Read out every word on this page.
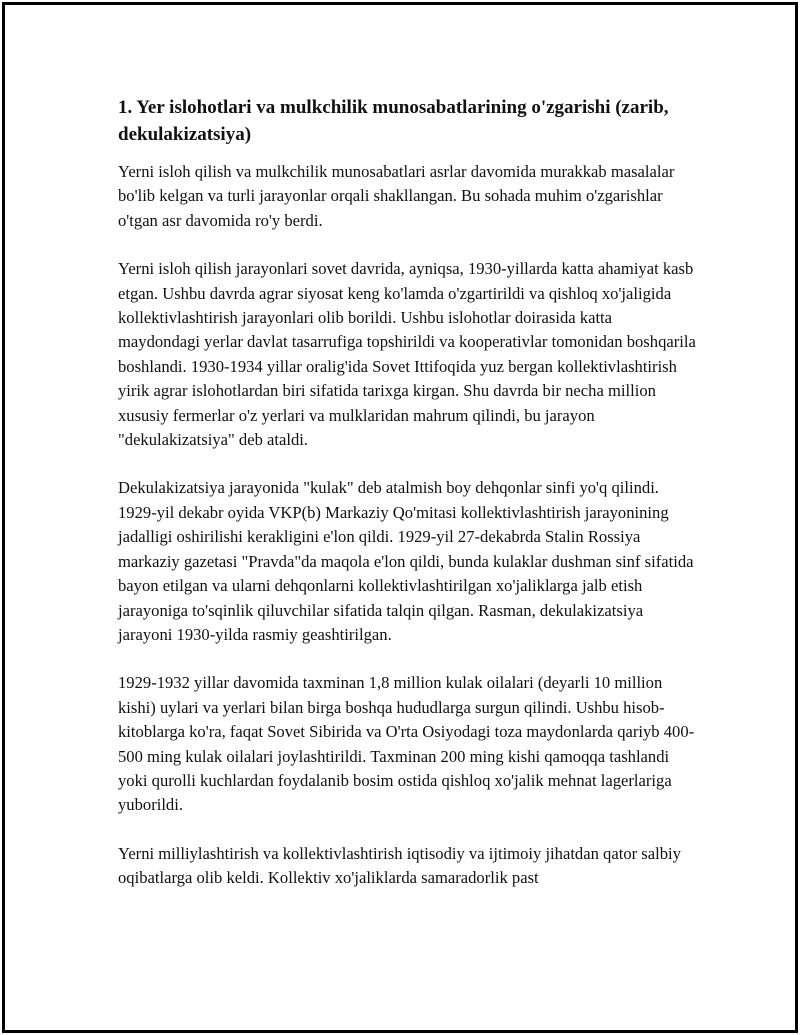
1. Yer islohotlari va mulkchilik munosabatlarining o'zgarishi (zarib, dekulakizatsiya)

Yerni isloh qilish va mulkchilik munosabatlari asrlar davomida murakkab masalalar bo'lib kelgan va turli jarayonlar orqali shakllangan. Bu sohada muhim o'zgarishlar o'tgan asr davomida ro'y berdi.

Yerni isloh qilish jarayonlari sovet davrida, ayniqsa, 1930-yillarda katta ahamiyat kasb etgan. Ushbu davrda agrar siyosat keng ko'lamda o'zgartirildi va qishloq xo'jaligida kollektivlashtirish jarayonlari olib borildi. Ushbu islohotlar doirasida katta maydondagi yerlar davlat tasarrufiga topshirildi va kooperativlar tomonidan boshqarila boshlandi. 1930-1934 yillar oralig'ida Sovet Ittifoqida yuz bergan kollektivlashtirish yirik agrar islohotlardan biri sifatida tarixga kirgan. Shu davrda bir necha million xususiy fermerlar o'z yerlari va mulklaridan mahrum qilindi, bu jarayon "dekulakizatsiya" deb ataldi.

Dekulakizatsiya jarayonida "kulak" deb atalmish boy dehqonlar sinfi yo'q qilindi. 1929-yil dekabr oyida VKP(b) Markaziy Qo'mitasi kollektivlashtirish jarayonining jadalligi oshirilishi kerakligini e'lon qildi. 1929-yil 27-dekabrda Stalin Rossiya markaziy gazetasi "Pravda"da maqola e'lon qildi, bunda kulaklar dushman sinf sifatida bayon etilgan va ularni dehqonlarni kollektivlashtirilgan xo'jaliklarga jalb etish jarayoniga to'sqinlik qiluvchilar sifatida talqin qilgan. Rasman, dekulakizatsiya jarayoni 1930-yilda rasmiy geashtirilgan.

1929-1932 yillar davomida taxminan 1,8 million kulak oilalari (deyarli 10 million kishi) uylari va yerlari bilan birga boshqa hududlarga surgun qilindi. Ushbu hisob-kitoblarga ko'ra, faqat Sovet Sibirida va O'rta Osiyodagi toza maydonlarda qariyb 400-500 ming kulak oilalari joylashtirildi. Taxminan 200 ming kishi qamoqqa tashlandi yoki qurolli kuchlardan foydalanib bosim ostida qishloq xo'jalik mehnat lagerlariga yuborildi.

Yerni milliylashtirish va kollektivlashtirish iqtisodiy va ijtimoiy jihatdan qator salbiy oqibatlarga olib keldi. Kollektiv xo'jaliklarda samaradorlik past
